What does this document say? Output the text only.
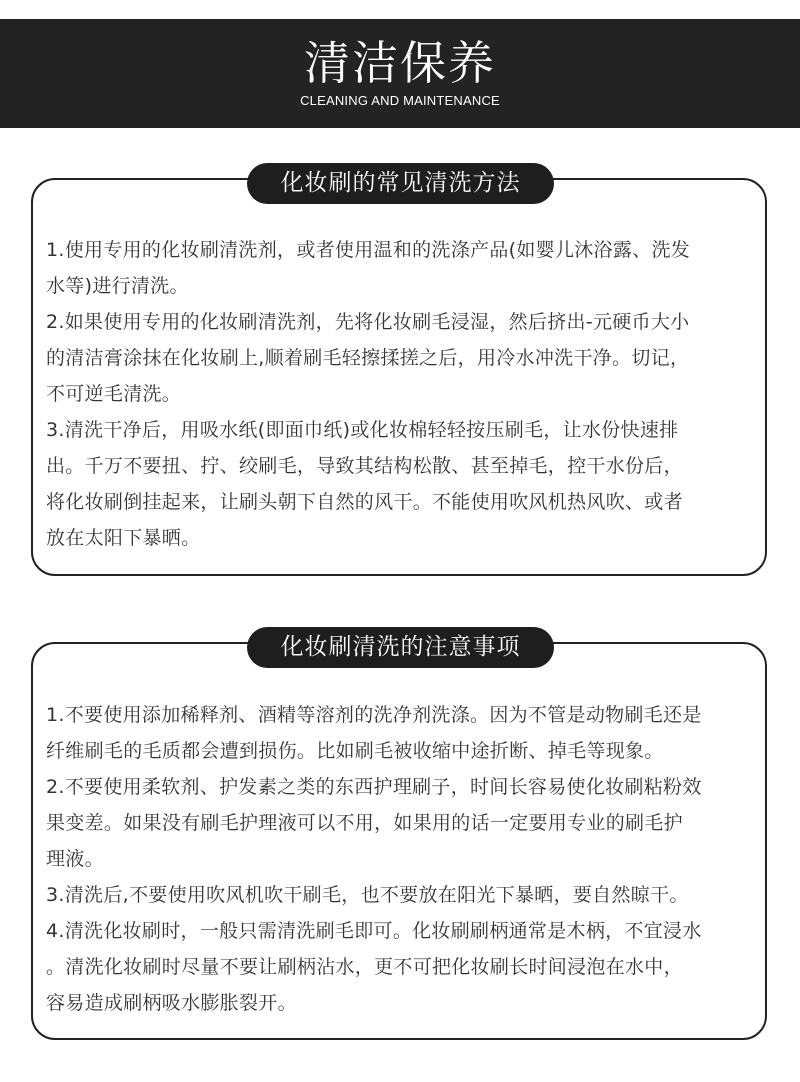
清洁保养
CLEANING AND MAINTENANCE
化妆刷的常见清洗方法
1.使用专用的化妆刷清洗剂，或者使用温和的洗涤产品(如婴儿沐浴露、洗发
水等)进行清洗。
2.如果使用专用的化妆刷清洗剂，先将化妆刷毛浸湿，然后挤出-元硬币大小
的清洁膏涂抹在化妆刷上,顺着刷毛轻擦揉搓之后，用冷水冲洗干净。切记，
不可逆毛清洗。
3.清洗干净后，用吸水纸(即面巾纸)或化妆棉轻轻按压刷毛，让水份快速排
出。千万不要扭、拧、绞刷毛，导致其结构松散、甚至掉毛，控干水份后，
将化妆刷倒挂起来，让刷头朝下自然的风干。不能使用吹风机热风吹、或者
放在太阳下暴晒。
化妆刷清洗的注意事项
1.不要使用添加稀释剂、酒精等溶剂的洗净剂洗涤。因为不管是动物刷毛还是
纤维刷毛的毛质都会遭到损伤。比如刷毛被收缩中途折断、掉毛等现象。
2.不要使用柔软剂、护发素之类的东西护理刷子，时间长容易使化妆刷粘粉效
果变差。如果没有刷毛护理液可以不用，如果用的话一定要用专业的刷毛护
理液。
3.清洗后,不要使用吹风机吹干刷毛，也不要放在阳光下暴晒，要自然晾干。
4.清洗化妆刷时，一般只需清洗刷毛即可。化妆刷刷柄通常是木柄，不宜浸水
。清洗化妆刷时尽量不要让刷柄沾水，更不可把化妆刷长时间浸泡在水中，
容易造成刷柄吸水膨胀裂开。
